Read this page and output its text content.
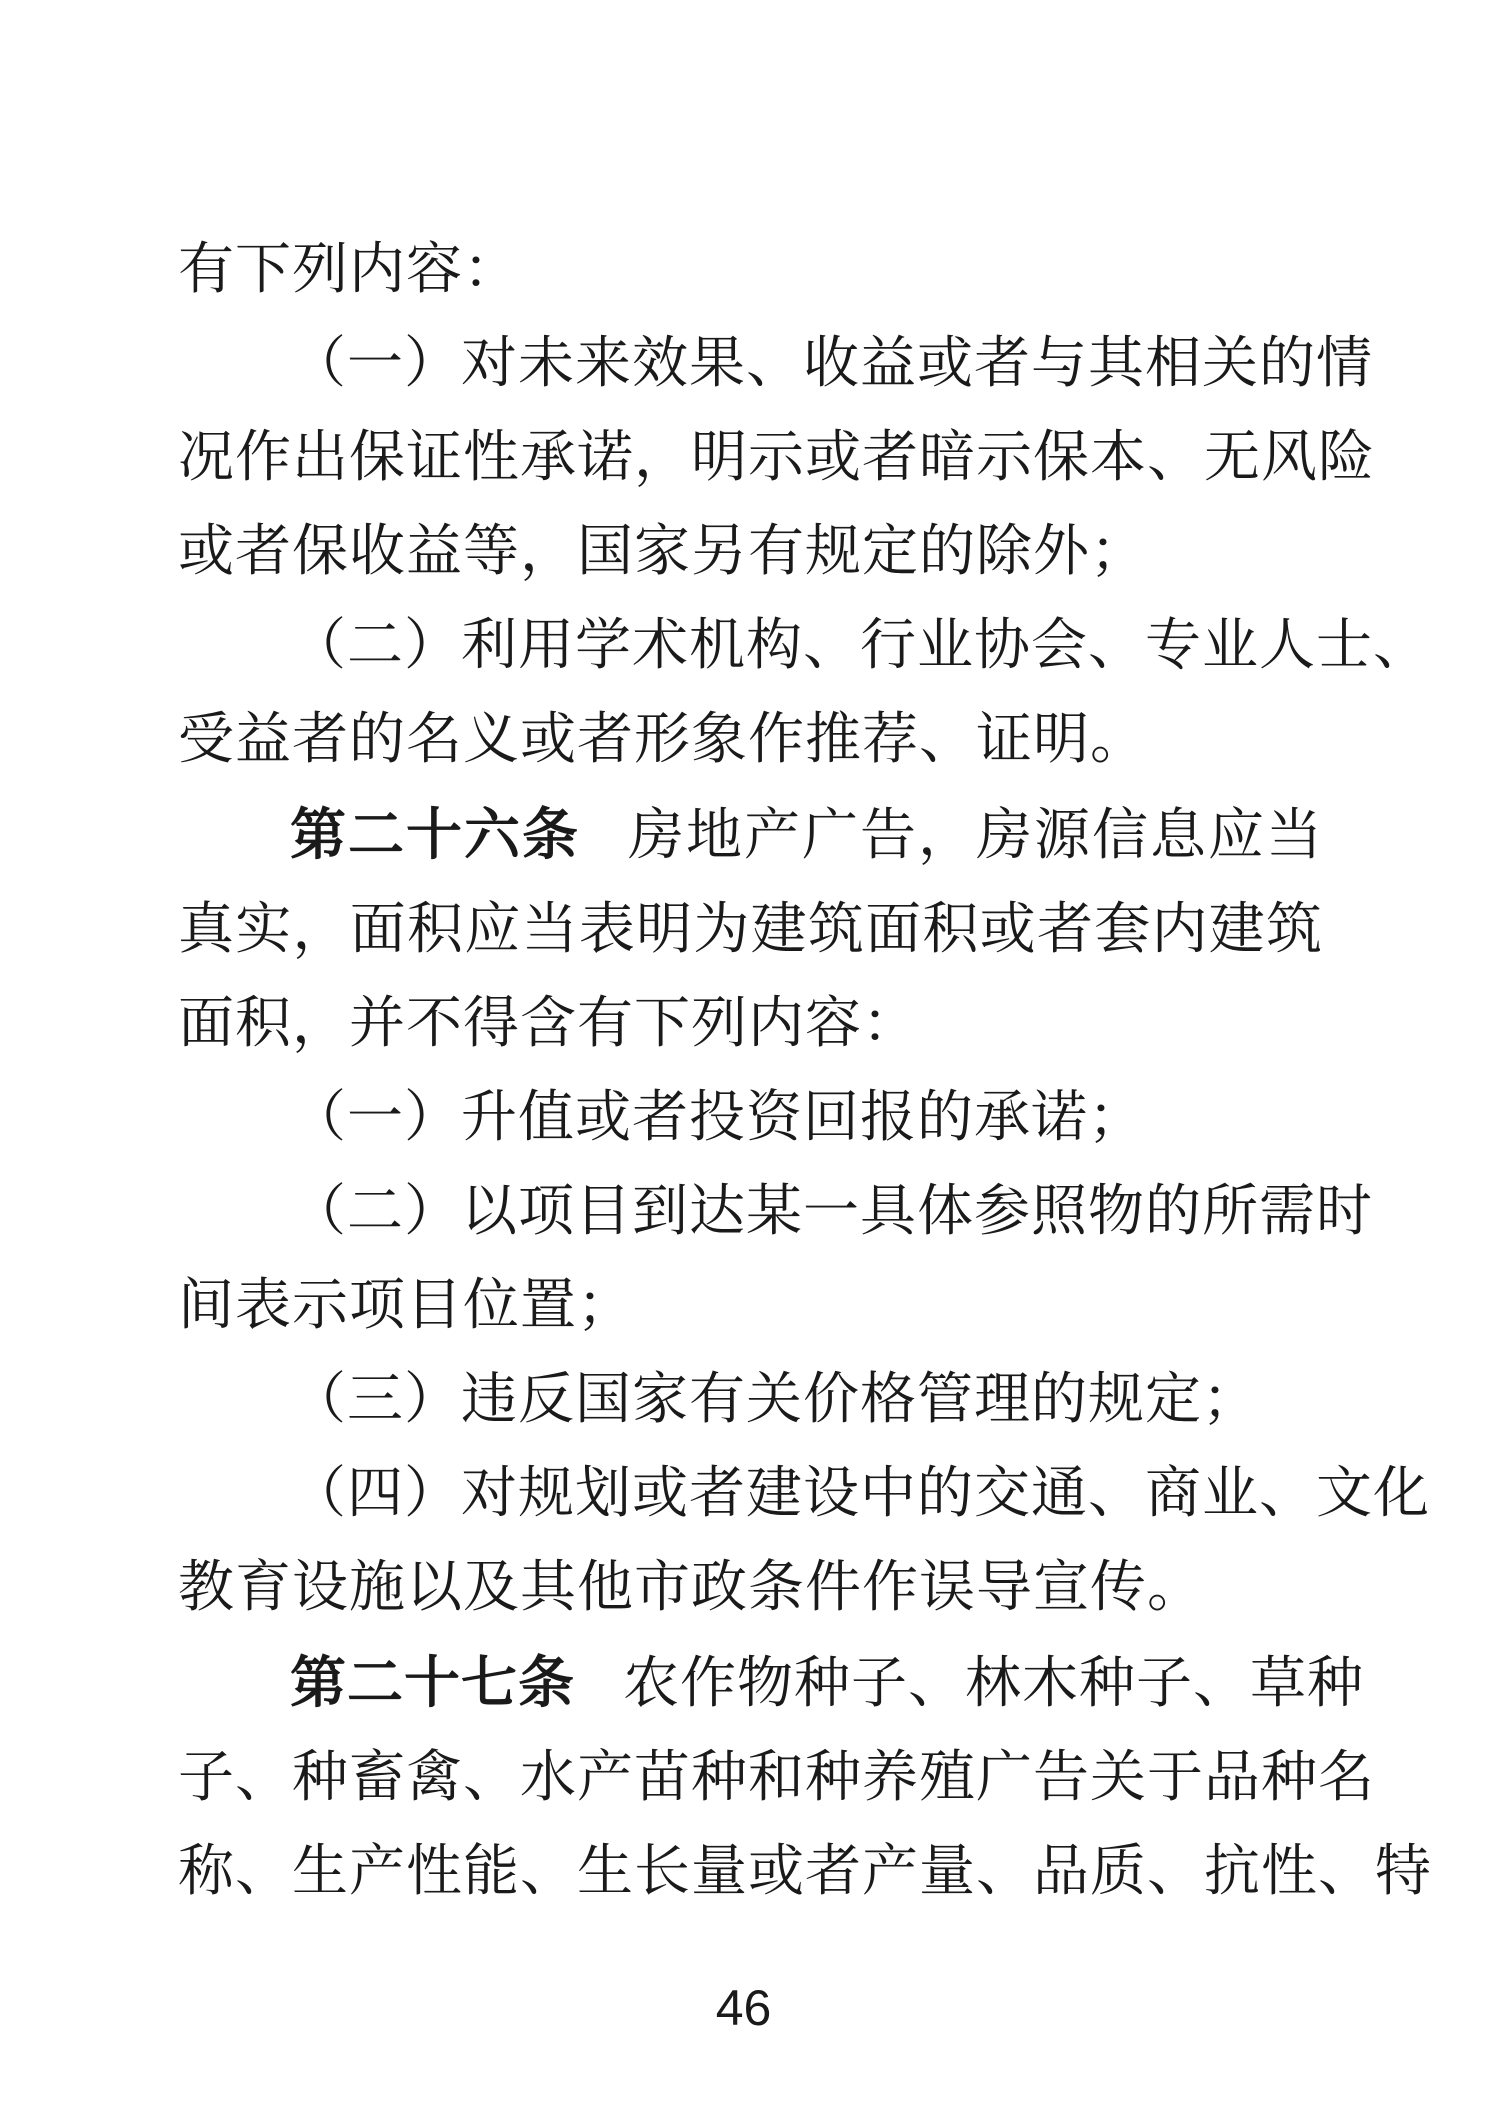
有下列内容：
（一）对未来效果、收益或者与其相关的情
况作出保证性承诺，明示或者暗示保本、无风险
或者保收益等，国家另有规定的除外；
（二）利用学术机构、行业协会、专业人士、
受益者的名义或者形象作推荐、证明。
第二十六条 房地产广告，房源信息应当
真实，面积应当表明为建筑面积或者套内建筑
面积，并不得含有下列内容：
（一）升值或者投资回报的承诺；
（二）以项目到达某一具体参照物的所需时
间表示项目位置；
（三）违反国家有关价格管理的规定；
（四）对规划或者建设中的交通、商业、文化
教育设施以及其他市政条件作误导宣传。
第二十七条 农作物种子、林木种子、草种
子、种畜禽、水产苗种和种养殖广告关于品种名
称、生产性能、生长量或者产量、品质、抗性、特
46
